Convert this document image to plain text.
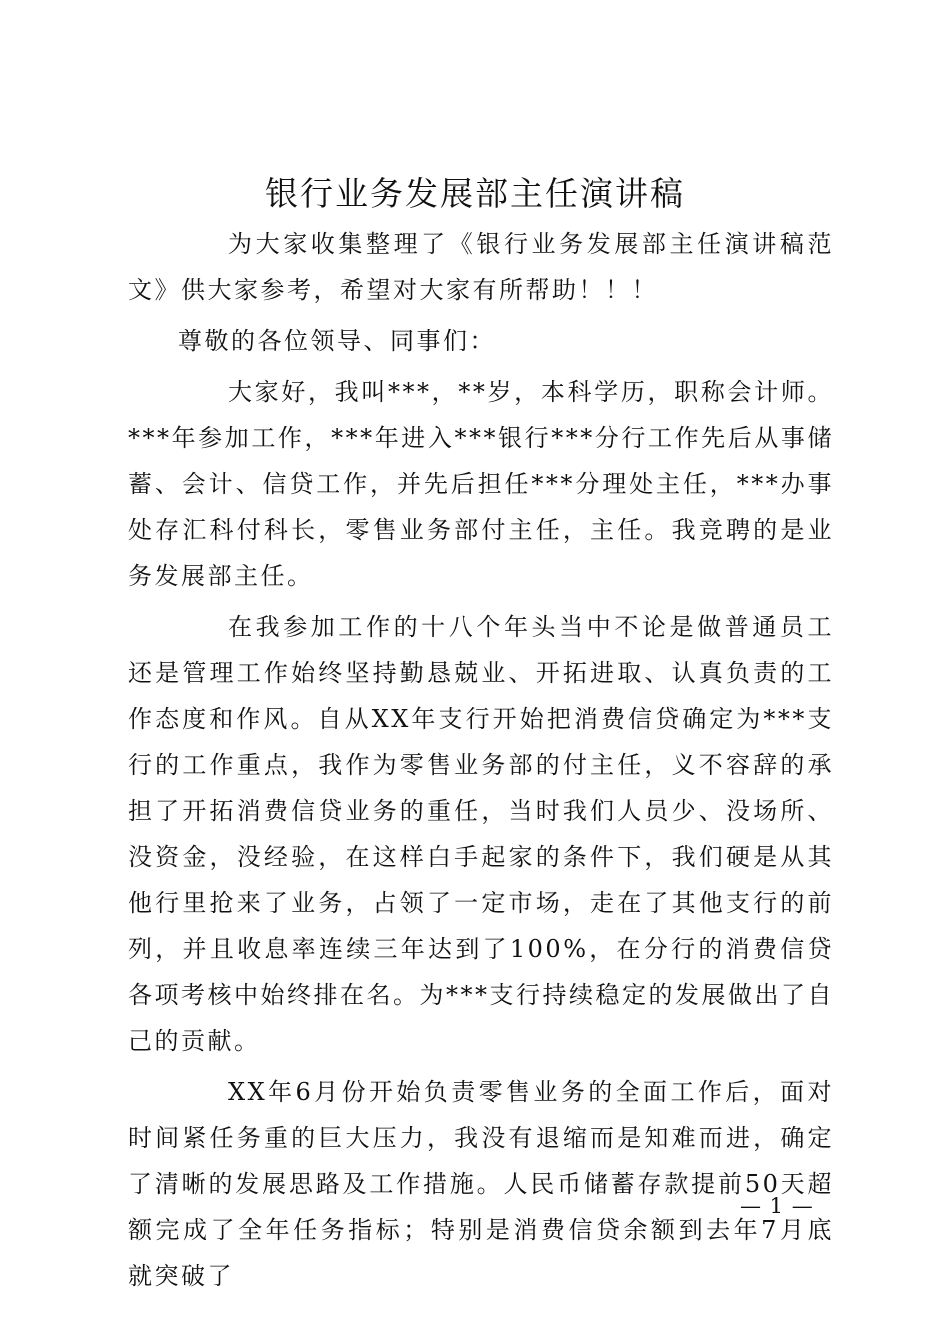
银行业务发展部主任演讲稿

为大家收集整理了《银行业务发展部主任演讲稿范文》供大家参考，希望对大家有所帮助！！！

尊敬的各位领导、同事们：

大家好，我叫***，**岁，本科学历，职称会计师。***年参加工作，***年进入***银行***分行工作先后从事储蓄、会计、信贷工作，并先后担任***分理处主任，***办事处存汇科付科长，零售业务部付主任，主任。我竞聘的是业务发展部主任。

在我参加工作的十八个年头当中不论是做普通员工还是管理工作始终坚持勤恳兢业、开拓进取、认真负责的工作态度和作风。自从XX年支行开始把消费信贷确定为***支行的工作重点，我作为零售业务部的付主任，义不容辞的承担了开拓消费信贷业务的重任，当时我们人员少、没场所、没资金，没经验，在这样白手起家的条件下，我们硬是从其他行里抢来了业务，占领了一定市场，走在了其他支行的前列，并且收息率连续三年达到了100%，在分行的消费信贷各项考核中始终排在名。为***支行持续稳定的发展做出了自己的贡献。

XX年6月份开始负责零售业务的全面工作后，面对时间紧任务重的巨大压力，我没有退缩而是知难而进，确定了清晰的发展思路及工作措施。人民币储蓄存款提前50天超额完成了全年任务指标；特别是消费信贷余额到去年7月底就突破了

— 1 —
